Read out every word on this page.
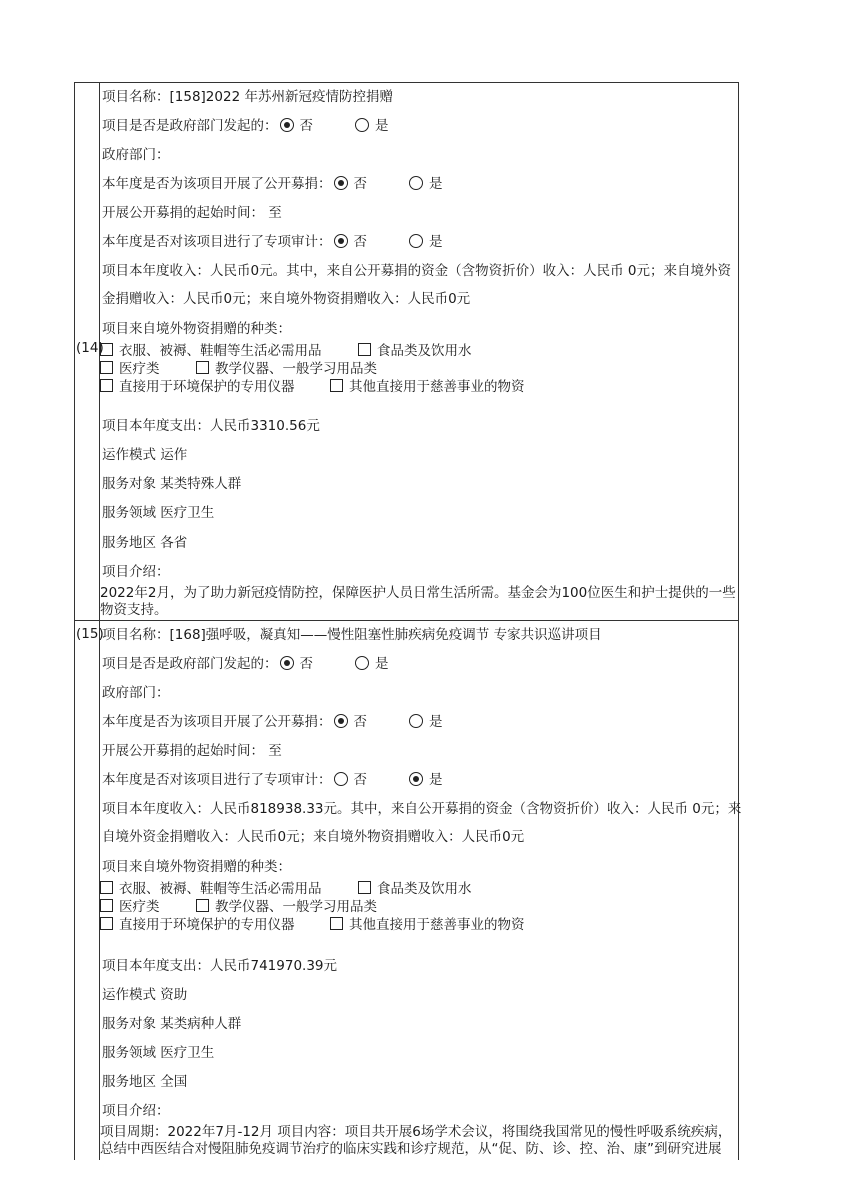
(14)
项目名称：[158]2022 年苏州新冠疫情防控捐赠
项目是否是政府部门发起的： 否	是
政府部门：
本年度是否为该项目开展了公开募捐： 否	是
开展公开募捐的起始时间： 至
本年度是否对该项目进行了专项审计： 否	是
项目本年度收入：人民币0元。其中，来自公开募捐的资金（含物资折价）收入：人民币 0元；来自境外资
金捐赠收入：人民币0元；来自境外物资捐赠收入：人民币0元
项目来自境外物资捐赠的种类：
衣服、被褥、鞋帽等生活必需用品	食品类及饮用水
医疗类	教学仪器、一般学习用品类
直接用于环境保护的专用仪器	其他直接用于慈善事业的物资
项目本年度支出：人民币3310.56元
运作模式 运作
服务对象 某类特殊人群
服务领域 医疗卫生
服务地区 各省
项目介绍：
2022年2月，为了助力新冠疫情防控，保障医护人员日常生活所需。基金会为100位医生和护士提供的一些物资支持。
(15)
项目名称：[168]强呼吸，凝真知——慢性阻塞性肺疾病免疫调节 专家共识巡讲项目
项目是否是政府部门发起的： 否	是
政府部门：
本年度是否为该项目开展了公开募捐： 否	是
开展公开募捐的起始时间： 至
本年度是否对该项目进行了专项审计： 否	是
项目本年度收入：人民币818938.33元。其中，来自公开募捐的资金（含物资折价）收入：人民币 0元；来
自境外资金捐赠收入：人民币0元；来自境外物资捐赠收入：人民币0元
项目来自境外物资捐赠的种类：
衣服、被褥、鞋帽等生活必需用品	食品类及饮用水
医疗类	教学仪器、一般学习用品类
直接用于环境保护的专用仪器	其他直接用于慈善事业的物资
项目本年度支出：人民币741970.39元
运作模式 资助
服务对象 某类病种人群
服务领域 医疗卫生
服务地区 全国
项目介绍：
项目周期：2022年7月-12月 项目内容：项目共开展6场学术会议，将围绕我国常见的慢性呼吸系统疾病，总结中西医结合对慢阻肺免疫调节治疗的临床实践和诊疗规范，从“促、防、诊、控、治、康”到研究进展
